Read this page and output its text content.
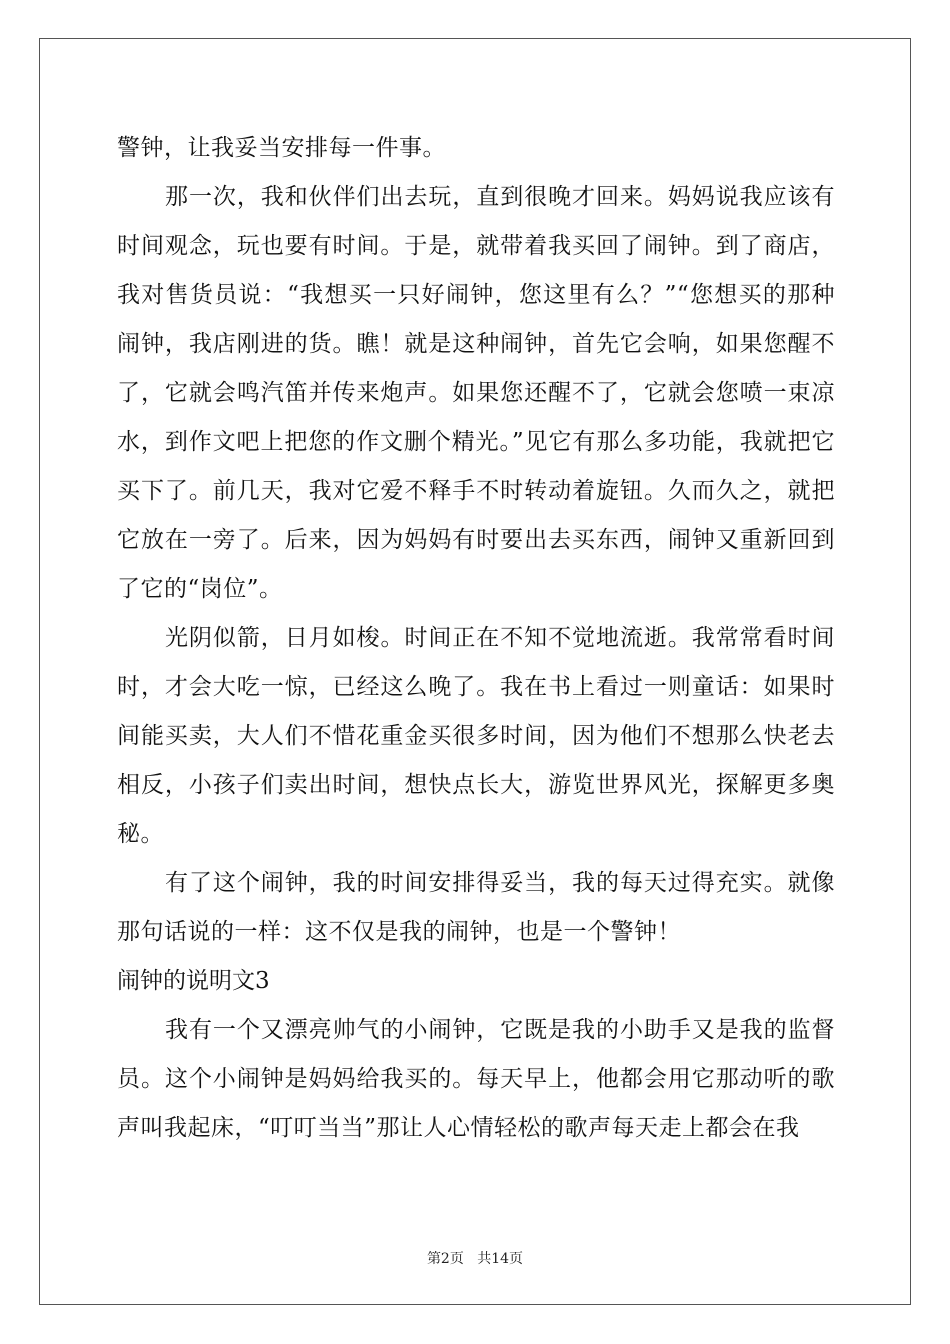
警钟，让我妥当安排每一件事。

那一次，我和伙伴们出去玩，直到很晚才回来。妈妈说我应该有时间观念，玩也要有时间。于是，就带着我买回了闹钟。到了商店，我对售货员说：“我想买一只好闹钟，您这里有么？”“您想买的那种闹钟，我店刚进的货。瞧！就是这种闹钟，首先它会响，如果您醒不了，它就会鸣汽笛并传来炮声。如果您还醒不了，它就会您喷一束凉水，到作文吧上把您的作文删个精光。”见它有那么多功能，我就把它买下了。前几天，我对它爱不释手不时转动着旋钮。久而久之，就把它放在一旁了。后来，因为妈妈有时要出去买东西，闹钟又重新回到了它的“岗位”。

光阴似箭，日月如梭。时间正在不知不觉地流逝。我常常看时间时，才会大吃一惊，已经这么晚了。我在书上看过一则童话：如果时间能买卖，大人们不惜花重金买很多时间，因为他们不想那么快老去相反，小孩子们卖出时间，想快点长大，游览世界风光，探解更多奥秘。

有了这个闹钟，我的时间安排得妥当，我的每天过得充实。就像那句话说的一样：这不仅是我的闹钟，也是一个警钟！

闹钟的说明文3

我有一个又漂亮帅气的小闹钟，它既是我的小助手又是我的监督员。这个小闹钟是妈妈给我买的。每天早上，他都会用它那动听的歌声叫我起床，“叮叮当当”那让人心情轻松的歌声每天走上都会在我

第2页 共14页
